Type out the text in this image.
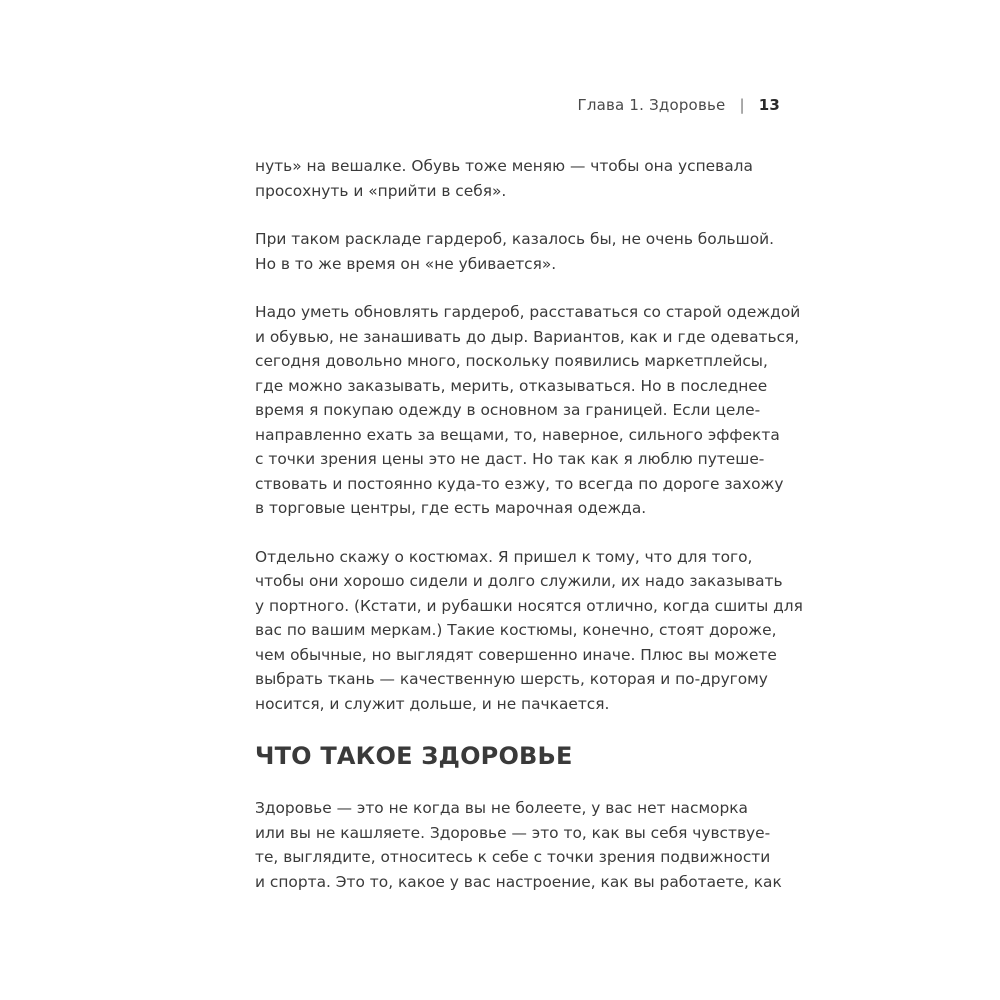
Глава 1. Здоровье | 13
нуть» на вешалке. Обувь тоже меняю — чтобы она успевала
просохнуть и «прийти в себя».
При таком раскладе гардероб, казалось бы, не очень большой.
Но в то же время он «не убивается».
Надо уметь обновлять гардероб, расставаться со старой одеждой
и обувью, не занашивать до дыр. Вариантов, как и где одеваться,
сегодня довольно много, поскольку появились маркетплейсы,
где можно заказывать, мерить, отказываться. Но в последнее
время я покупаю одежду в основном за границей. Если целе-
направленно ехать за вещами, то, наверное, сильного эффекта
с точки зрения цены это не даст. Но так как я люблю путеше-
ствовать и постоянно куда-то езжу, то всегда по дороге захожу
в торговые центры, где есть марочная одежда.
Отдельно скажу о костюмах. Я пришел к тому, что для того,
чтобы они хорошо сидели и долго служили, их надо заказывать
у портного. (Кстати, и рубашки носятся отлично, когда сшиты для
вас по вашим меркам.) Такие костюмы, конечно, стоят дороже,
чем обычные, но выглядят совершенно иначе. Плюс вы можете
выбрать ткань — качественную шерсть, которая и по-другому
носится, и служит дольше, и не пачкается.
ЧТО ТАКОЕ ЗДОРОВЬЕ
Здоровье — это не когда вы не болеете, у вас нет насморка
или вы не кашляете. Здоровье — это то, как вы себя чувствуе-
те, выглядите, относитесь к себе с точки зрения подвижности
и спорта. Это то, какое у вас настроение, как вы работаете, как
